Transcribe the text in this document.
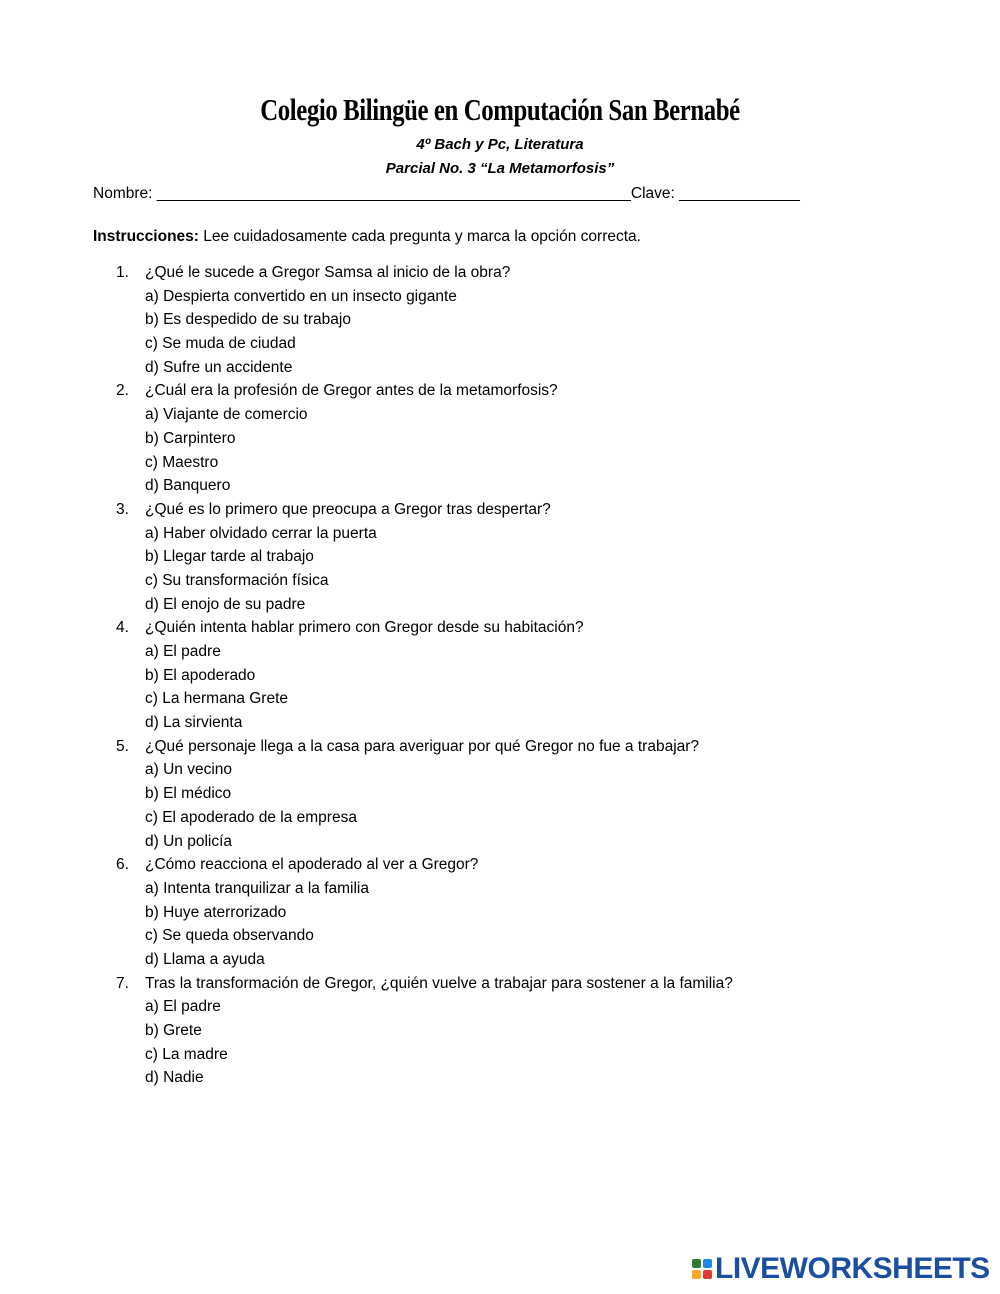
Colegio Bilingüe en Computación San Bernabé
4º Bach y Pc, Literatura
Parcial No. 3 “La Metamorfosis”
Nombre: _______________________________________________________Clave: ______________
Instrucciones: Lee cuidadosamente cada pregunta y marca la opción correcta.
1. ¿Qué le sucede a Gregor Samsa al inicio de la obra?
a) Despierta convertido en un insecto gigante
b) Es despedido de su trabajo
c) Se muda de ciudad
d) Sufre un accidente
2. ¿Cuál era la profesión de Gregor antes de la metamorfosis?
a) Viajante de comercio
b) Carpintero
c) Maestro
d) Banquero
3. ¿Qué es lo primero que preocupa a Gregor tras despertar?
a) Haber olvidado cerrar la puerta
b) Llegar tarde al trabajo
c) Su transformación física
d) El enojo de su padre
4. ¿Quién intenta hablar primero con Gregor desde su habitación?
a) El padre
b) El apoderado
c) La hermana Grete
d) La sirvienta
5. ¿Qué personaje llega a la casa para averiguar por qué Gregor no fue a trabajar?
a) Un vecino
b) El médico
c) El apoderado de la empresa
d) Un policía
6. ¿Cómo reacciona el apoderado al ver a Gregor?
a) Intenta tranquilizar a la familia
b) Huye aterrorizado
c) Se queda observando
d) Llama a ayuda
7. Tras la transformación de Gregor, ¿quién vuelve a trabajar para sostener a la familia?
a) El padre
b) Grete
c) La madre
d) Nadie
LIVEWORKSHEETS
